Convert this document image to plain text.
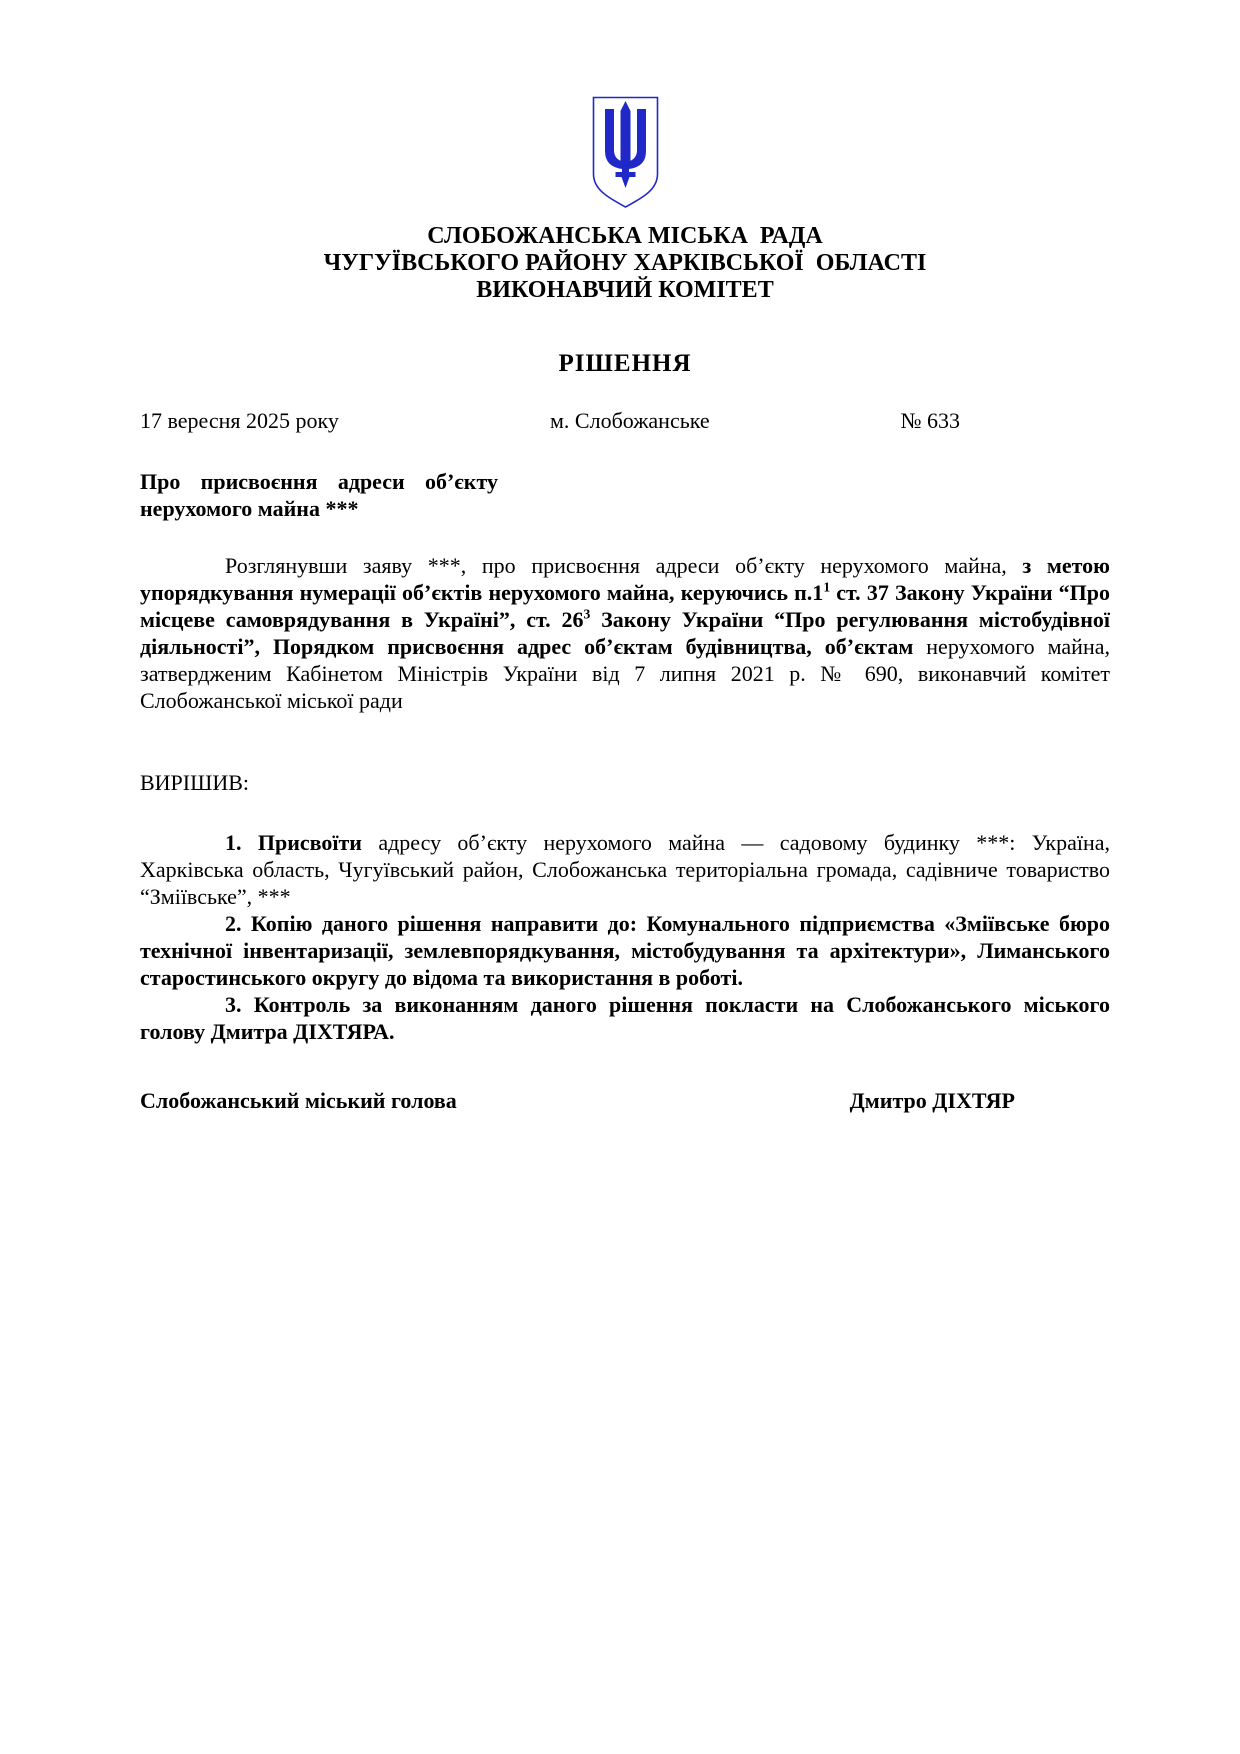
СЛОБОЖАНСЬКА МІСЬКА  РАДА
ЧУГУЇВСЬКОГО РАЙОНУ ХАРКІВСЬКОЇ  ОБЛАСТІ
ВИКОНАВЧИЙ КОМІТЕТ
РІШЕННЯ
17 вересня 2025 року	м. Слобожанське	№ 633
Про присвоєння адреси об’єкту
нерухомого майна ***

Розглянувши заяву ***, про присвоєння адреси об’єкту нерухомого майна, з метою упорядкування нумерації об’єктів нерухомого майна, керуючись $п.1^1$ ст. 37 Закону України “Про місцеве самоврядування в Україні”, ст. $26^3$ Закону України “Про регулювання містобудівної діяльності”, Порядком присвоєння адрес об’єктам будівництва, об’єктам нерухомого майна, затвердженим Кабінетом Міністрів України від 7 липня 2021 р. № 690, виконавчий комітет Слобожанської міської ради

ВИРІШИВ:

1. Присвоїти адресу об’єкту нерухомого майна — садовому будинку ***: Україна, Харківська область, Чугуївський район, Слобожанська територіальна громада, садівниче товариство “Зміївське”, ***

2. Копію даного рішення направити до: Комунального підприємства «Зміївське бюро технічної інвентаризації, землевпорядкування, містобудування та архітектури», Лиманського старостинського округу до відома та використання в роботі.

3. Контроль за виконанням даного рішення покласти на Слобожанського міського голову Дмитра ДІХТЯРА.

Слобожанський міський голова	Дмитро ДІХТЯР
